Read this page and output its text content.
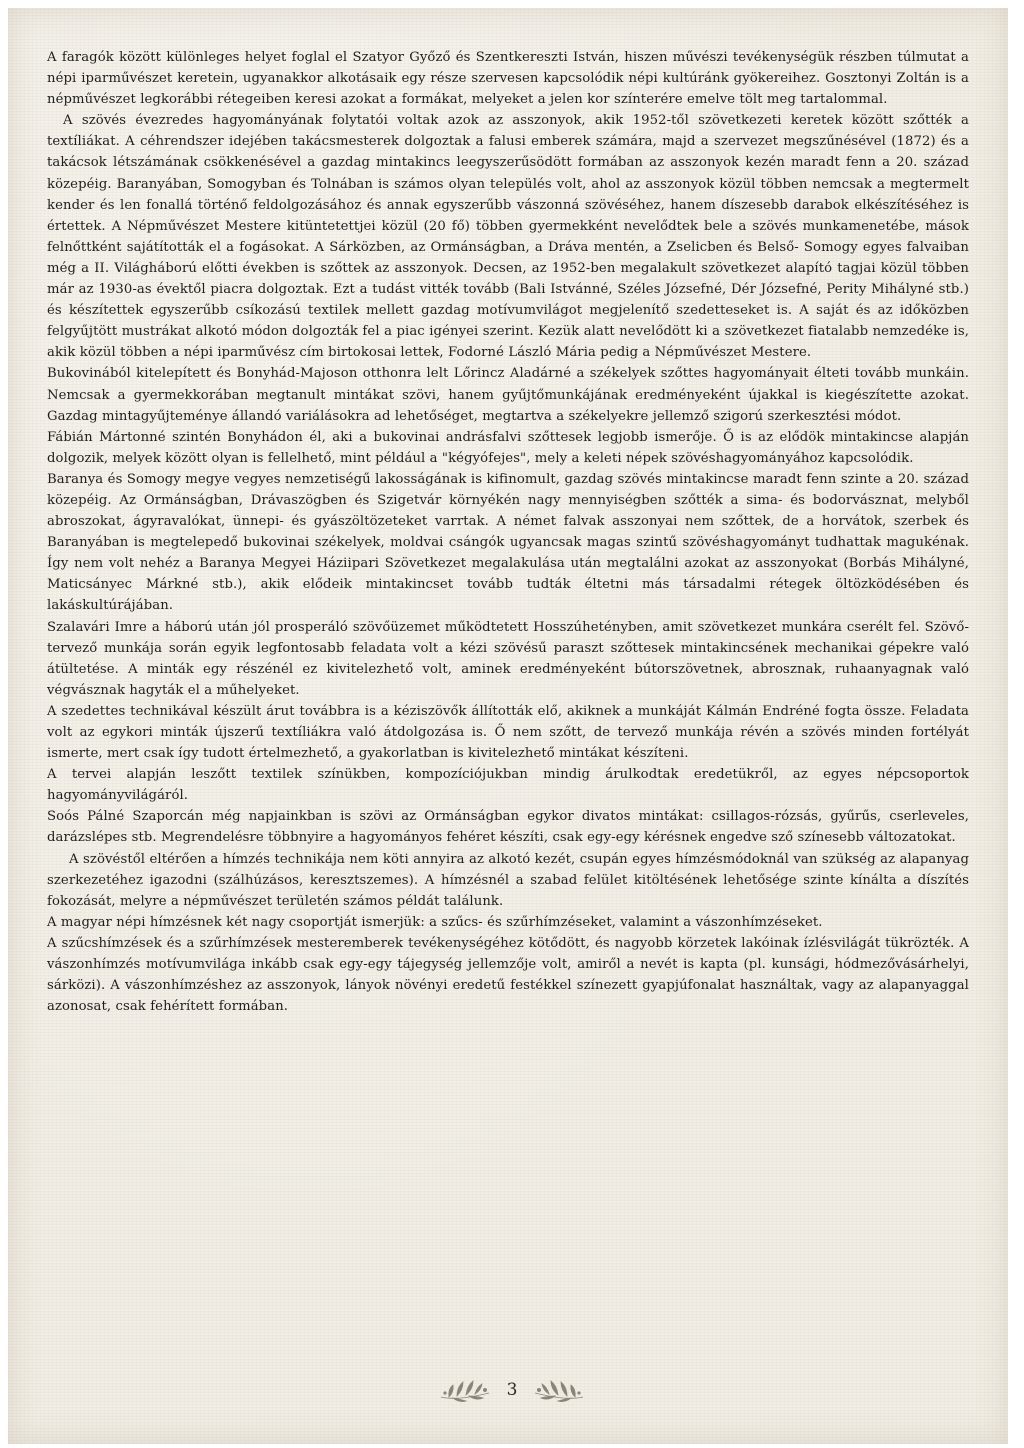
A faragók között különleges helyet foglal el Szatyor Győző és Szentkereszti István, hiszen művészi tevékenységük részben túlmutat a népi iparművészet keretein, ugyanakkor alkotásaik egy része szervesen kapcsolódik népi kultúránk gyökereihez. Gosztonyi Zoltán is a népművészet legkorábbi rétegeiben keresi azokat a formákat, melyeket a jelen kor színterére emelve tölt meg tartalommal.

A szövés évezredes hagyományának folytatói voltak azok az asszonyok, akik 1952-től szövetkezeti keretek között szőtték a textíliákat. A céhrendszer idejében takácsmesterek dolgoztak a falusi emberek számára, majd a szervezet megszűnésével (1872) és a takácsok létszámának csökkenésével a gazdag mintakincs leegyszerűsödött formában az asszonyok kezén maradt fenn a 20. század közepéig. Baranyában, Somogyban és Tolnában is számos olyan település volt, ahol az asszonyok közül többen nemcsak a megtermelt kender és len fonallá történő feldolgozásához és annak egyszerűbb vászonná szövéséhez, hanem díszesebb darabok elkészítéséhez is értettek. A Népművészet Mestere kitüntetettjei közül (20 fő) többen gyermekként nevelődtek bele a szövés munkamenetébe, mások felnőttként sajátították el a fogásokat. A Sárközben, az Ormánságban, a Dráva mentén, a Zselicben és Belső- Somogy egyes falvaiban még a II. Világháború előtti években is szőttek az asszonyok. Decsen, az 1952-ben megalakult szövetkezet alapító tagjai közül többen már az 1930-as évektől piacra dolgoztak. Ezt a tudást vitték tovább (Bali Istvánné, Széles Józsefné, Dér Józsefné, Perity Mihályné stb.) és készítettek egyszerűbb csíkozású textilek mellett gazdag motívumvilágot megjelenítő szedetteseket is. A saját és az időközben felgyűjtött mustrákat alkotó módon dolgozták fel a piac igényei szerint. Kezük alatt nevelődött ki a szövetkezet fiatalabb nemzedéke is, akik közül többen a népi iparművész cím birtokosai lettek, Fodorné László Mária pedig a Népművészet Mestere.

Bukovinából kitelepített és Bonyhád-Majoson otthonra lelt Lőrincz Aladárné a székelyek szőttes hagyományait élteti tovább munkáin. Nemcsak a gyermekkorában megtanult mintákat szövi, hanem gyűjtőmunkájának eredményeként újakkal is kiegészítette azokat. Gazdag mintagyűjteménye állandó variálásokra ad lehetőséget, megtartva a székelyekre jellemző szigorú szerkesztési módot.

Fábián Mártonné szintén Bonyhádon él, aki a bukovinai andrásfalvi szőttesek legjobb ismerője. Ő is az elődök mintakincse alapján dolgozik, melyek között olyan is fellelhető, mint például a "kégyófejes", mely a keleti népek szövéshagyományához kapcsolódik.

Baranya és Somogy megye vegyes nemzetiségű lakosságának is kifinomult, gazdag szövés mintakincse maradt fenn szinte a 20. század közepéig. Az Ormánságban, Drávaszögben és Szigetvár környékén nagy mennyiségben szőtték a sima- és bodorvásznat, melyből abroszokat, ágyravalókat, ünnepi- és gyászöltözeteket varrtak. A német falvak asszonyai nem szőttek, de a horvátok, szerbek és Baranyában is megtelepedő bukovinai székelyek, moldvai csángók ugyancsak magas szintű szövéshagyományt tudhattak magukénak. Így nem volt nehéz a Baranya Megyei Háziipari Szövetkezet megalakulása után megtalálni azokat az asszonyokat (Borbás Mihályné, Maticsányec Márkné stb.), akik elődeik mintakincset tovább tudták éltetni más társadalmi rétegek öltözködésében és lakáskultúrájában.

Szalavári Imre a háború után jól prosperáló szövőüzemet működtetett Hosszúhetényben, amit szövetkezet munkára cserélt fel. Szövő-tervező munkája során egyik legfontosabb feladata volt a kézi szövésű paraszt szőttesek mintakincsének mechanikai gépekre való átültetése. A minták egy részénél ez kivitelezhető volt, aminek eredményeként bútorszövetnek, abrosznak, ruhaanyagnak való végvásznak hagyták el a műhelyeket.

A szedettes technikával készült árut továbbra is a kéziszövők állították elő, akiknek a munkáját Kálmán Endréné fogta össze. Feladata volt az egykori minták újszerű textíliákra való átdolgozása is. Ő nem szőtt, de tervező munkája révén a szövés minden fortélyát ismerte, mert csak így tudott értelmezhető, a gyakorlatban is kivitelezhető mintákat készíteni.

A tervei alapján leszőtt textilek színükben, kompozíciójukban mindig árulkodtak eredetükről, az egyes népcsoportok hagyományvilágáról.

Soós Pálné Szaporcán még napjainkban is szövi az Ormánságban egykor divatos mintákat: csillagos-rózsás, gyűrűs, cserleveles, darázslépes stb. Megrendelésre többnyire a hagyományos fehéret készíti, csak egy-egy kérésnek engedve sző színesebb változatokat.

A szövéstől eltérően a hímzés technikája nem köti annyira az alkotó kezét, csupán egyes hímzésmódoknál van szükség az alapanyag szerkezetéhez igazodni (szálhúzásos, keresztszemes). A hímzésnél a szabad felület kitöltésének lehetősége szinte kínálta a díszítés fokozását, melyre a népművészet területén számos példát találunk.

A magyar népi hímzésnek két nagy csoportját ismerjük: a szűcs- és szűrhímzéseket, valamint a vászonhímzéseket.

A szűcshímzések és a szűrhímzések mesteremberek tevékenységéhez kötődött, és nagyobb körzetek lakóinak ízlésvilágát tükrözték. A vászonhímzés motívumvilága inkább csak egy-egy tájegység jellemzője volt, amiről a nevét is kapta (pl. kunsági, hódmezővásárhelyi, sárközi). A vászonhímzéshez az asszonyok, lányok növényi eredetű festékkel színezett gyapjúfonalat használtak, vagy az alapanyaggal azonosat, csak fehérített formában.

3
